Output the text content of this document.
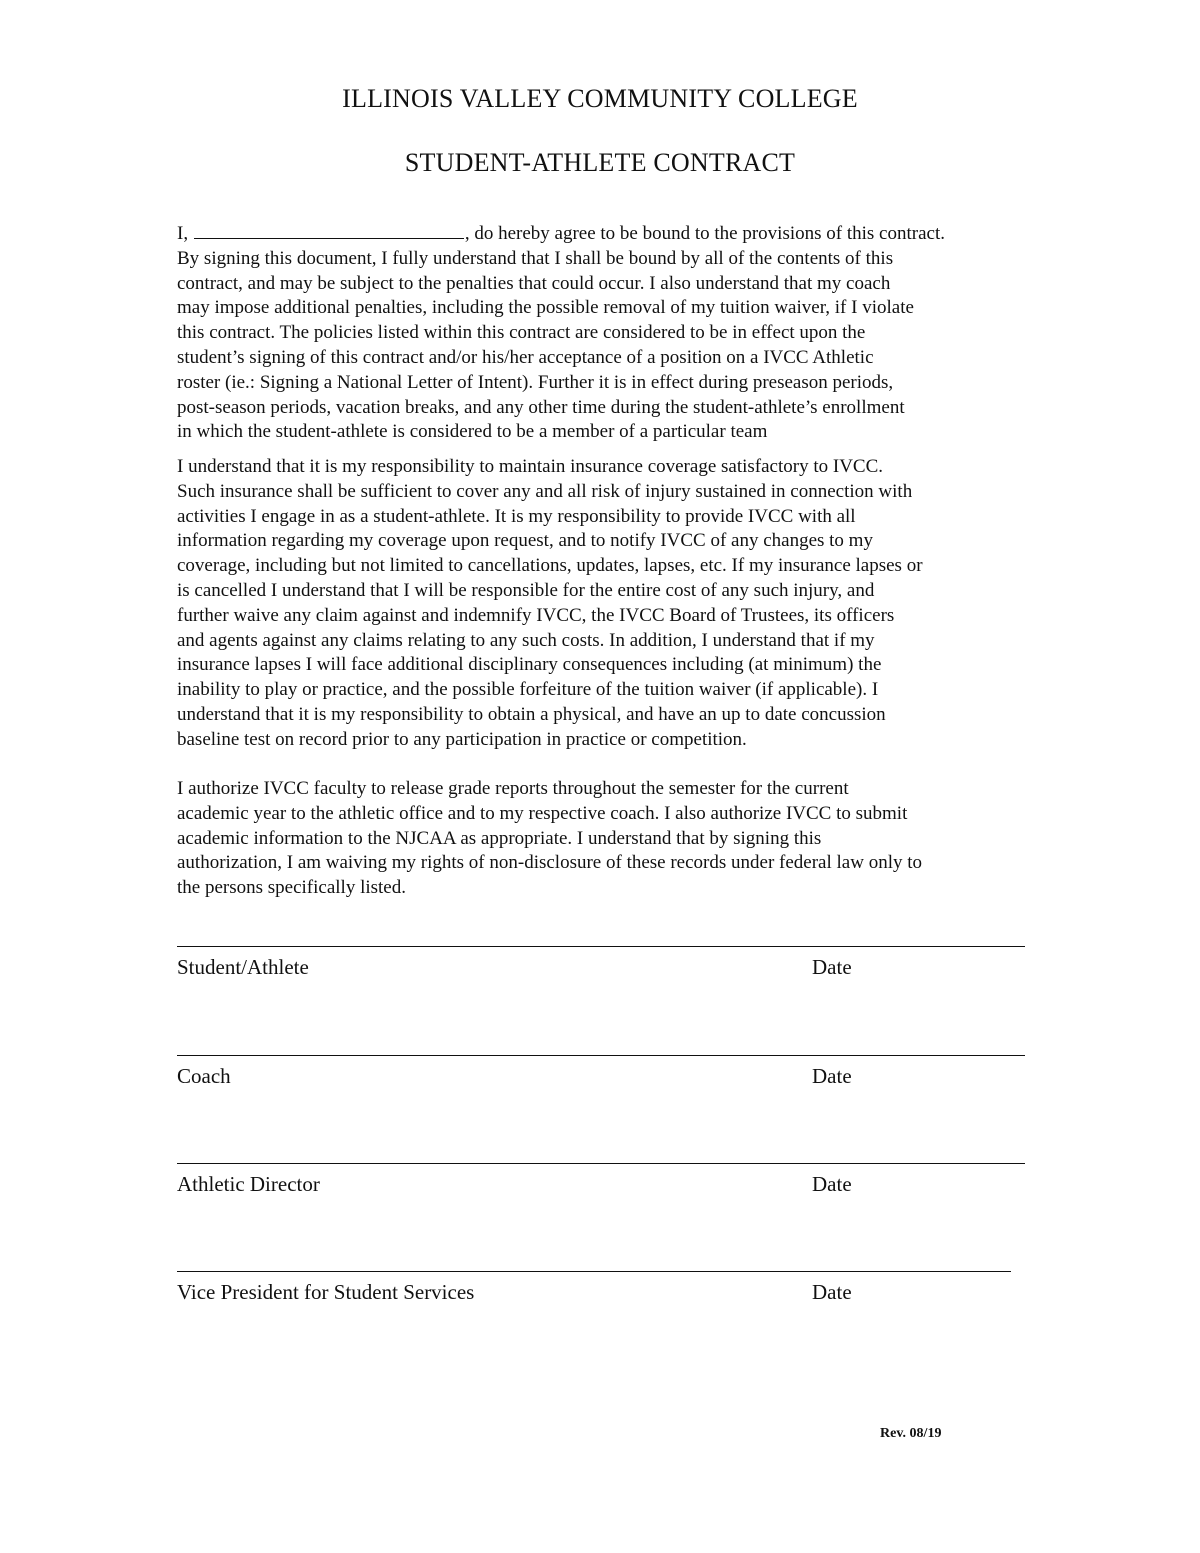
ILLINOIS VALLEY COMMUNITY COLLEGE
STUDENT-ATHLETE CONTRACT
I,	, do hereby agree to be bound to the provisions of this contract.
By signing this document, I fully understand that I shall be bound by all of the contents of this
contract, and may be subject to the penalties that could occur. I also understand that my coach
may impose additional penalties, including the possible removal of my tuition waiver, if I violate
this contract. The policies listed within this contract are considered to be in effect upon the
student’s signing of this contract and/or his/her acceptance of a position on a IVCC Athletic
roster (ie.: Signing a National Letter of Intent). Further it is in effect during preseason periods,
post-season periods, vacation breaks, and any other time during the student-athlete’s enrollment
in which the student-athlete is considered to be a member of a particular team
I understand that it is my responsibility to maintain insurance coverage satisfactory to IVCC.
Such insurance shall be sufficient to cover any and all risk of injury sustained in connection with
activities I engage in as a student-athlete. It is my responsibility to provide IVCC with all
information regarding my coverage upon request, and to notify IVCC of any changes to my
coverage, including but not limited to cancellations, updates, lapses, etc. If my insurance lapses or
is cancelled I understand that I will be responsible for the entire cost of any such injury, and
further waive any claim against and indemnify IVCC, the IVCC Board of Trustees, its officers
and agents against any claims relating to any such costs. In addition, I understand that if my
insurance lapses I will face additional disciplinary consequences including (at minimum) the
inability to play or practice, and the possible forfeiture of the tuition waiver (if applicable). I
understand that it is my responsibility to obtain a physical, and have an up to date concussion
baseline test on record prior to any participation in practice or competition.
I authorize IVCC faculty to release grade reports throughout the semester for the current
academic year to the athletic office and to my respective coach. I also authorize IVCC to submit
academic information to the NJCAA as appropriate. I understand that by signing this
authorization, I am waiving my rights of non-disclosure of these records under federal law only to
the persons specifically listed.
Student/Athlete	Date
Coach	Date
Athletic Director	Date
Vice President for Student Services	Date
Rev. 08/19
